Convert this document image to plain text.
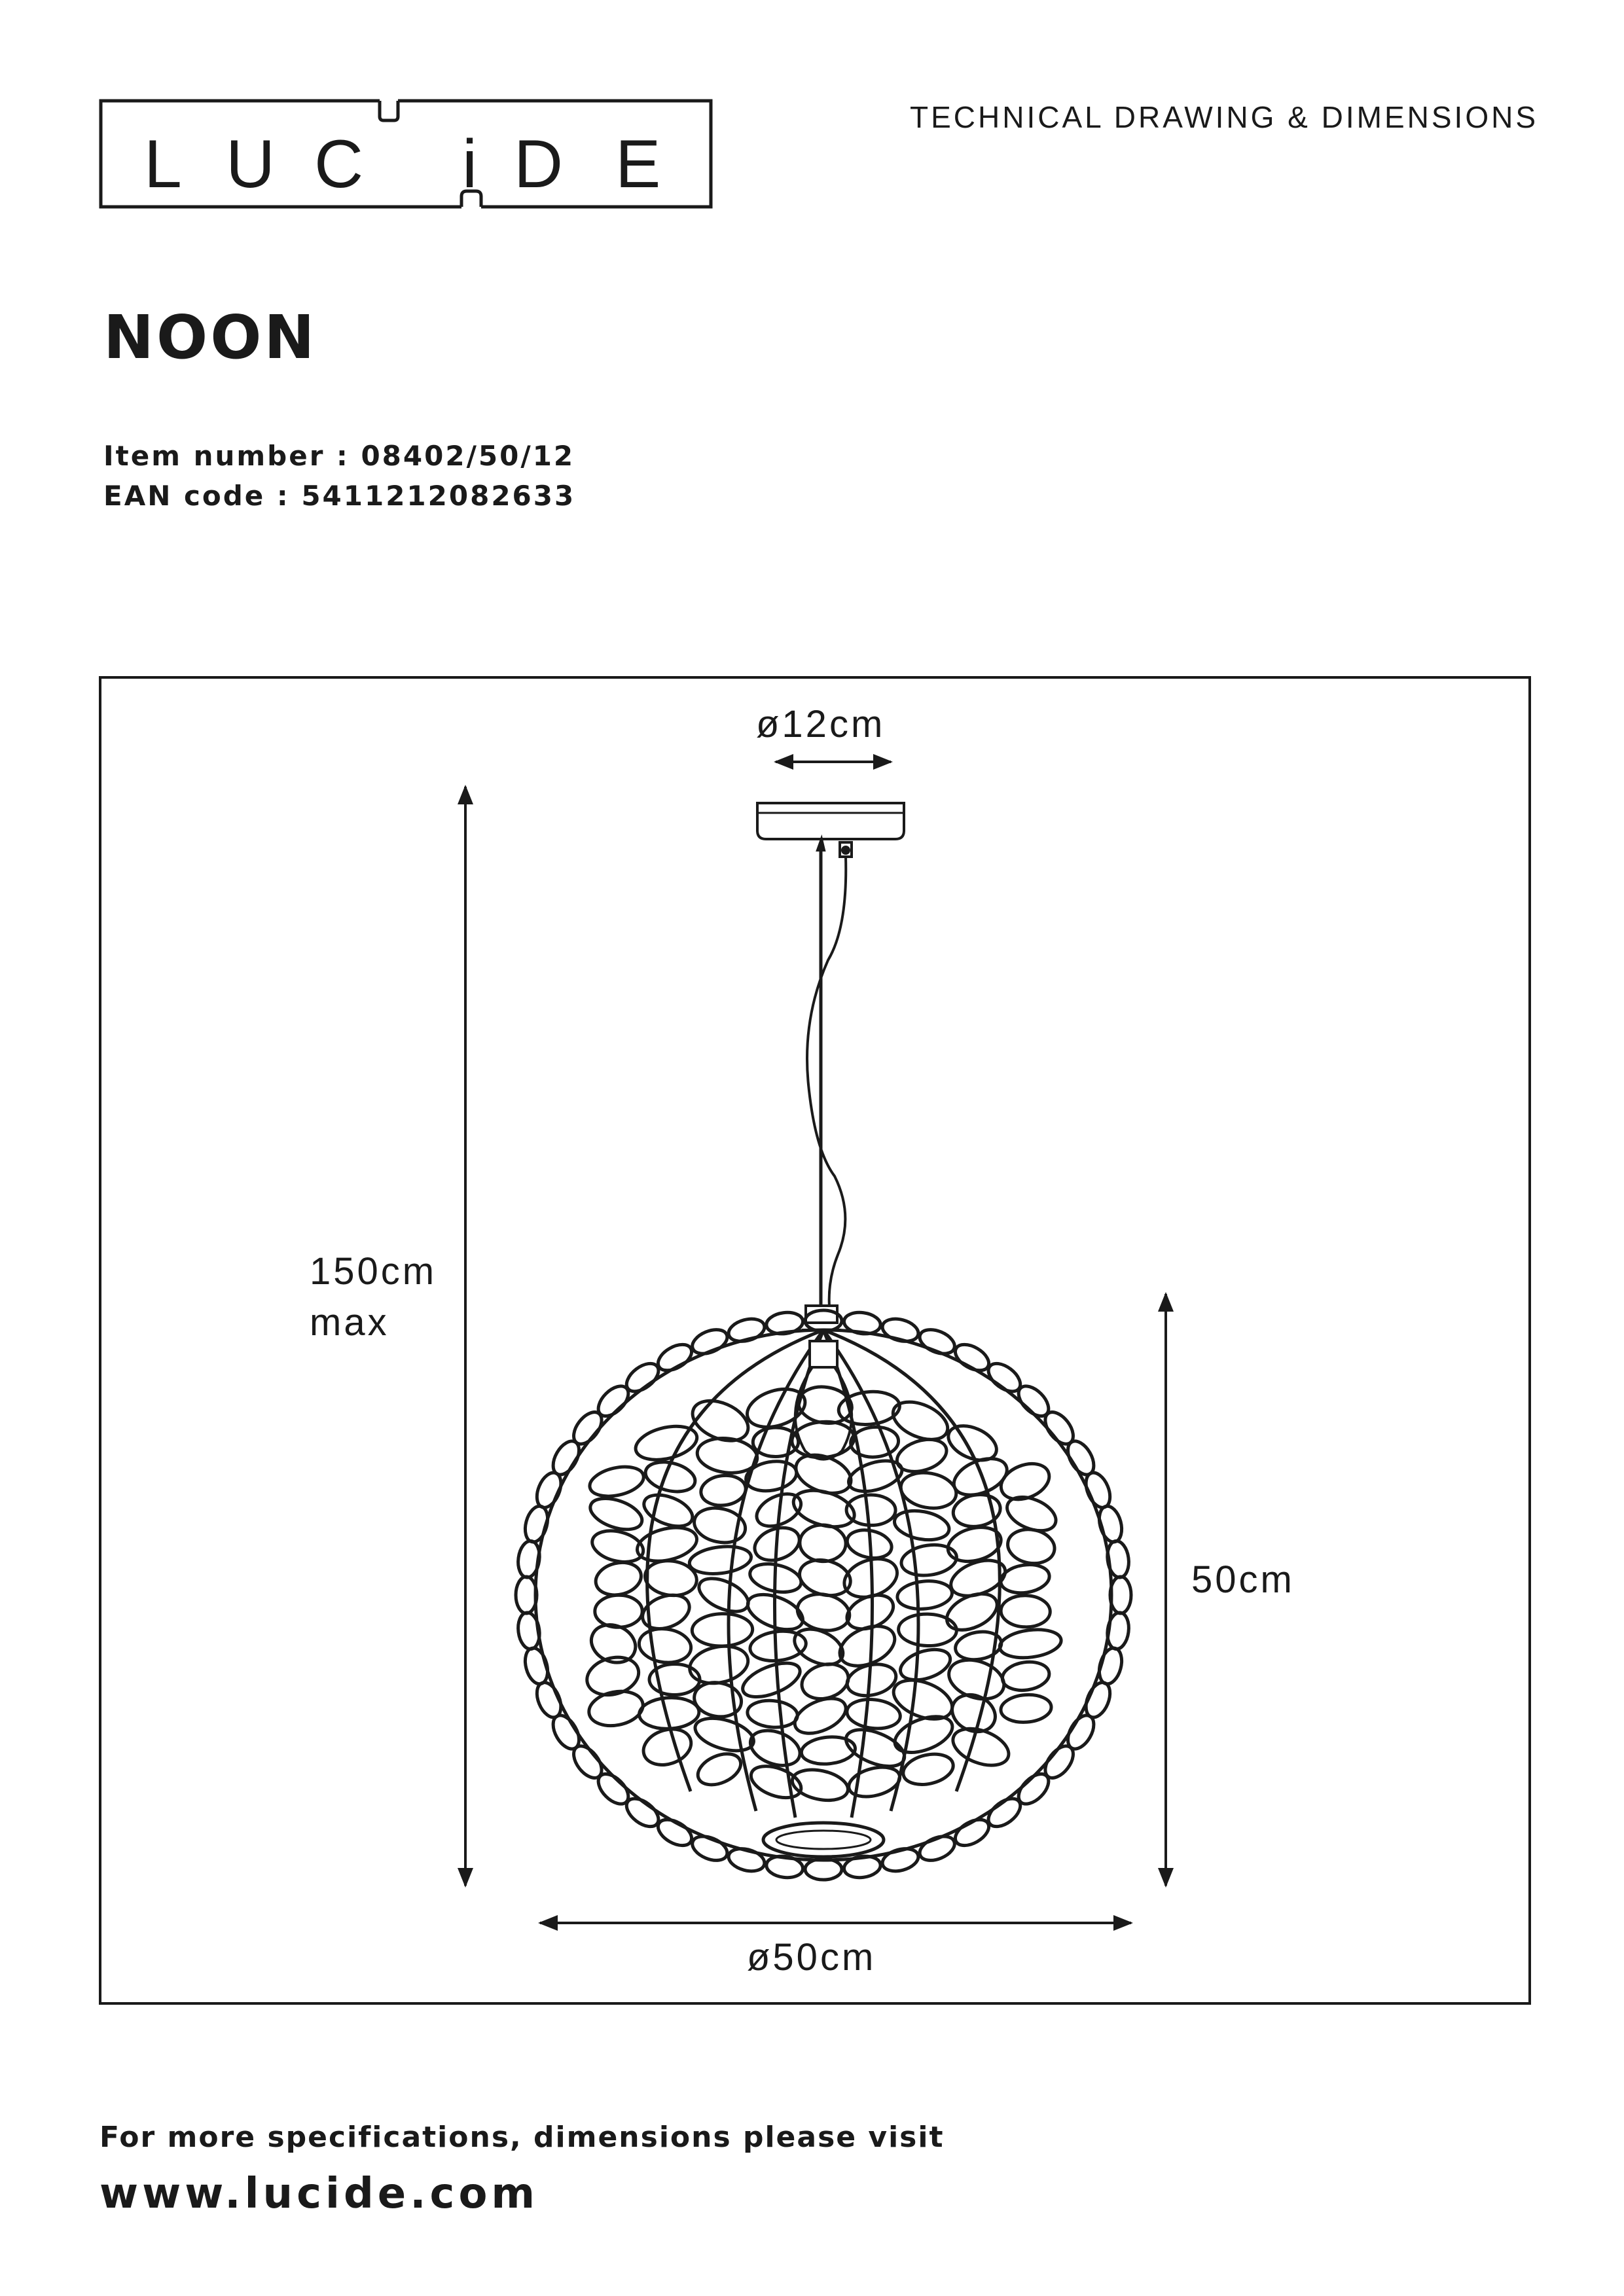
L U C i D E
TECHNICAL DRAWING & DIMENSIONS
NOON
Item number : 08402/50/12
EAN code : 5411212082633
ø12cm
150cm
max
50cm
ø50cm
For more specifications, dimensions please visit
www.lucide.com
